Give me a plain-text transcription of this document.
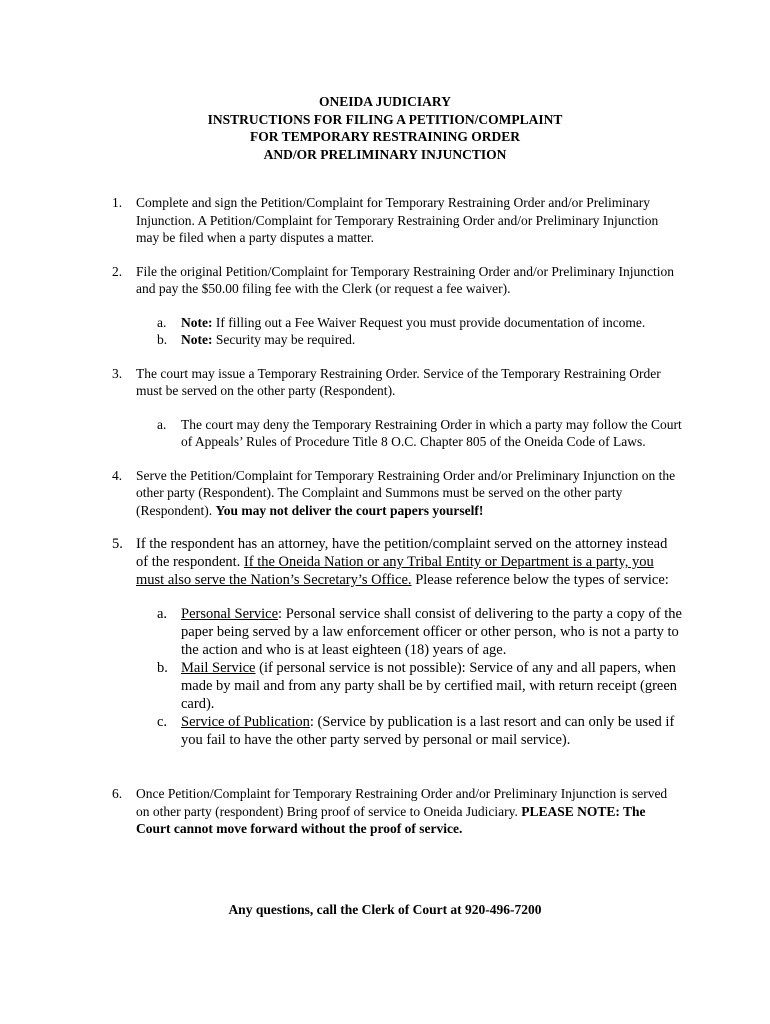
ONEIDA JUDICIARY
INSTRUCTIONS FOR FILING A PETITION/COMPLAINT
FOR TEMPORARY RESTRAINING ORDER
AND/OR PRELIMINARY INJUNCTION
1. Complete and sign the Petition/Complaint for Temporary Restraining Order and/or Preliminary Injunction. A Petition/Complaint for Temporary Restraining Order and/or Preliminary Injunction may be filed when a party disputes a matter.
2. File the original Petition/Complaint for Temporary Restraining Order and/or Preliminary Injunction and pay the $50.00 filing fee with the Clerk (or request a fee waiver).
a. Note: If filling out a Fee Waiver Request you must provide documentation of income.
b. Note: Security may be required.
3. The court may issue a Temporary Restraining Order. Service of the Temporary Restraining Order must be served on the other party (Respondent).
a. The court may deny the Temporary Restraining Order in which a party may follow the Court of Appeals’ Rules of Procedure Title 8 O.C. Chapter 805 of the Oneida Code of Laws.
4. Serve the Petition/Complaint for Temporary Restraining Order and/or Preliminary Injunction on the other party (Respondent). The Complaint and Summons must be served on the other party (Respondent). You may not deliver the court papers yourself!
5. If the respondent has an attorney, have the petition/complaint served on the attorney instead of the respondent. If the Oneida Nation or any Tribal Entity or Department is a party, you must also serve the Nation’s Secretary’s Office. Please reference below the types of service:
a. Personal Service: Personal service shall consist of delivering to the party a copy of the paper being served by a law enforcement officer or other person, who is not a party to the action and who is at least eighteen (18) years of age.
b. Mail Service (if personal service is not possible): Service of any and all papers, when made by mail and from any party shall be by certified mail, with return receipt (green card).
c. Service of Publication: (Service by publication is a last resort and can only be used if you fail to have the other party served by personal or mail service).
6. Once Petition/Complaint for Temporary Restraining Order and/or Preliminary Injunction is served on other party (respondent) Bring proof of service to Oneida Judiciary. PLEASE NOTE: The Court cannot move forward without the proof of service.
Any questions, call the Clerk of Court at 920-496-7200
